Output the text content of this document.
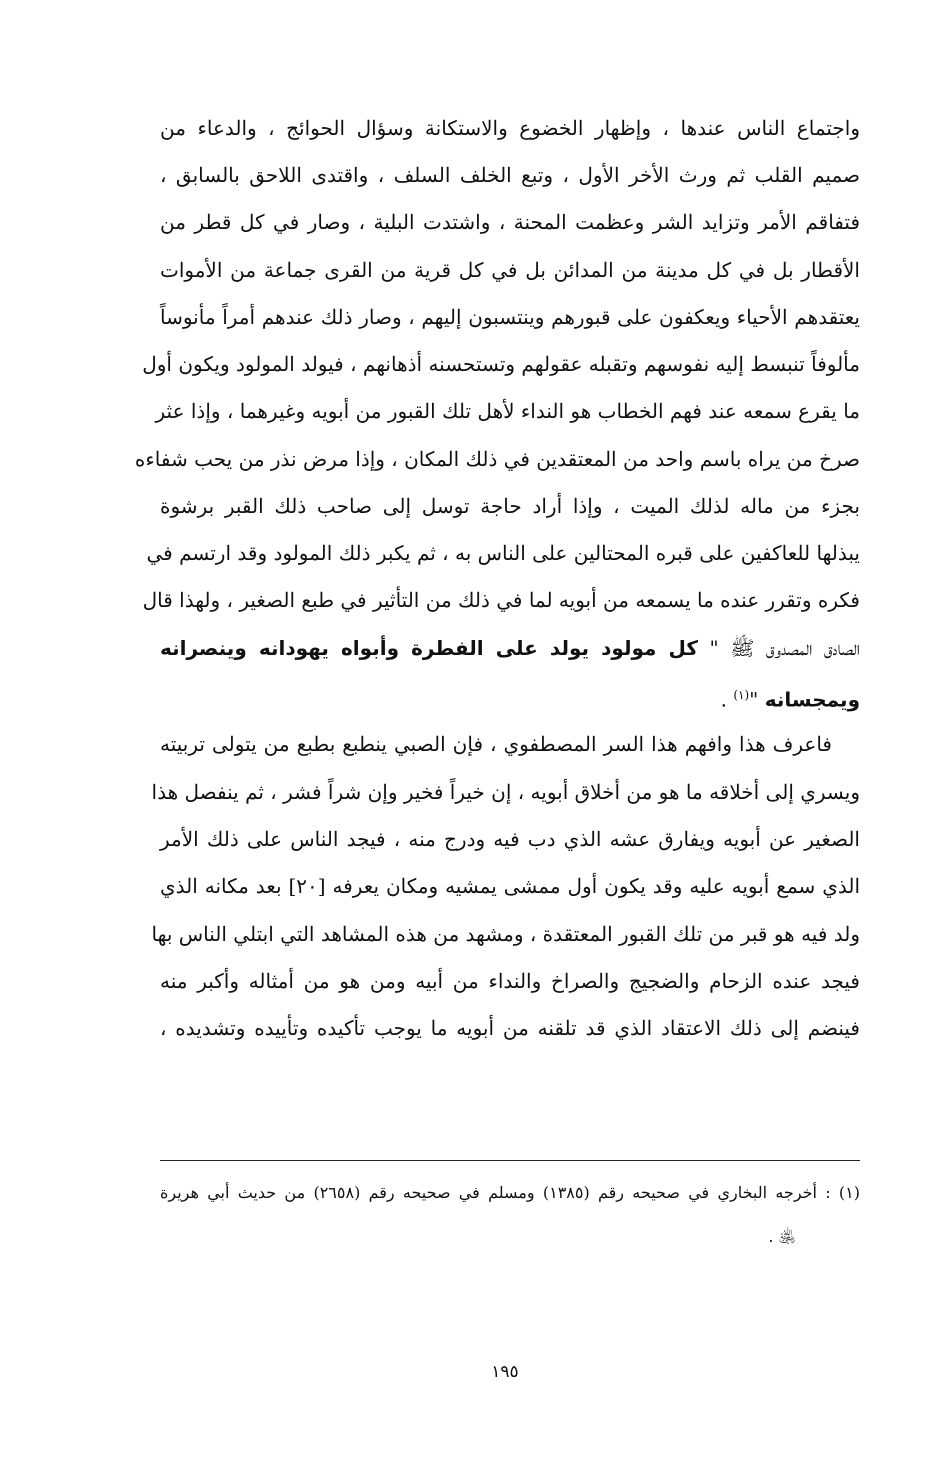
واجتماع الناس عندها ، وإظهار الخضوع والاستكانة وسؤال الحوائج ، والدعاء من
صميم القلب ثم ورث الأخر الأول ، وتبع الخلف السلف ، واقتدى اللاحق بالسابق ،
فتفاقم الأمر وتزايد الشر وعظمت المحنة ، واشتدت البلية ، وصار في كل قطر من
الأقطار بل في كل مدينة من المدائن بل في كل قرية من القرى جماعة من الأموات
يعتقدهم الأحياء ويعكفون على قبورهم وينتسبون إليهم ، وصار ذلك عندهم أمراً مأنوساً
مألوفاً تنبسط إليه نفوسهم وتقبله عقولهم وتستحسنه أذهانهم ، فيولد المولود ويكون أول
ما يقرع سمعه عند فهم الخطاب هو النداء لأهل تلك القبور من أبويه وغيرهما ، وإذا عثر
صرخ من يراه باسم واحد من المعتقدين في ذلك المكان ، وإذا مرض نذر من يحب شفاءه
بجزء من ماله لذلك الميت ، وإذا أراد حاجة توسل إلى صاحب ذلك القبر برشوة
يبذلها للعاكفين على قبره المحتالين على الناس به ، ثم يكبر ذلك المولود وقد ارتسم في
فكره وتقرر عنده ما يسمعه من أبويه لما في ذلك من التأثير في طبع الصغير ، ولهذا قال
الصادق المصدوق ﷺ " كل مولود يولد على الفطرة وأبواه يهودانه وينصرانه
ويمجسانه "$^{(١)}$ .
فاعرف هذا وافهم هذا السر المصطفوي ، فإن الصبي ينطبع بطبع من يتولى تربيته
ويسري إلى أخلاقه ما هو من أخلاق أبويه ، إن خيراً فخير وإن شراً فشر ، ثم ينفصل هذا
الصغير عن أبويه ويفارق عشه الذي دب فيه ودرج منه ، فيجد الناس على ذلك الأمر
الذي سمع أبويه عليه وقد يكون أول ممشى يمشيه ومكان يعرفه [٢٠] بعد مكانه الذي
ولد فيه هو قبر من تلك القبور المعتقدة ، ومشهد من هذه المشاهد التي ابتلي الناس بها
فيجد عنده الزحام والضجيج والصراخ والنداء من أبيه ومن هو من أمثاله وأكبر منه
فينضم إلى ذلك الاعتقاد الذي قد تلقنه من أبويه ما يوجب تأكيده وتأييده وتشديده ،
(١) : أخرجه البخاري في صحيحه رقم (١٣٨٥) ومسلم في صحيحه رقم (٢٦٥٨) من حديث أبي هريرة
﵁ .
١٩٥
